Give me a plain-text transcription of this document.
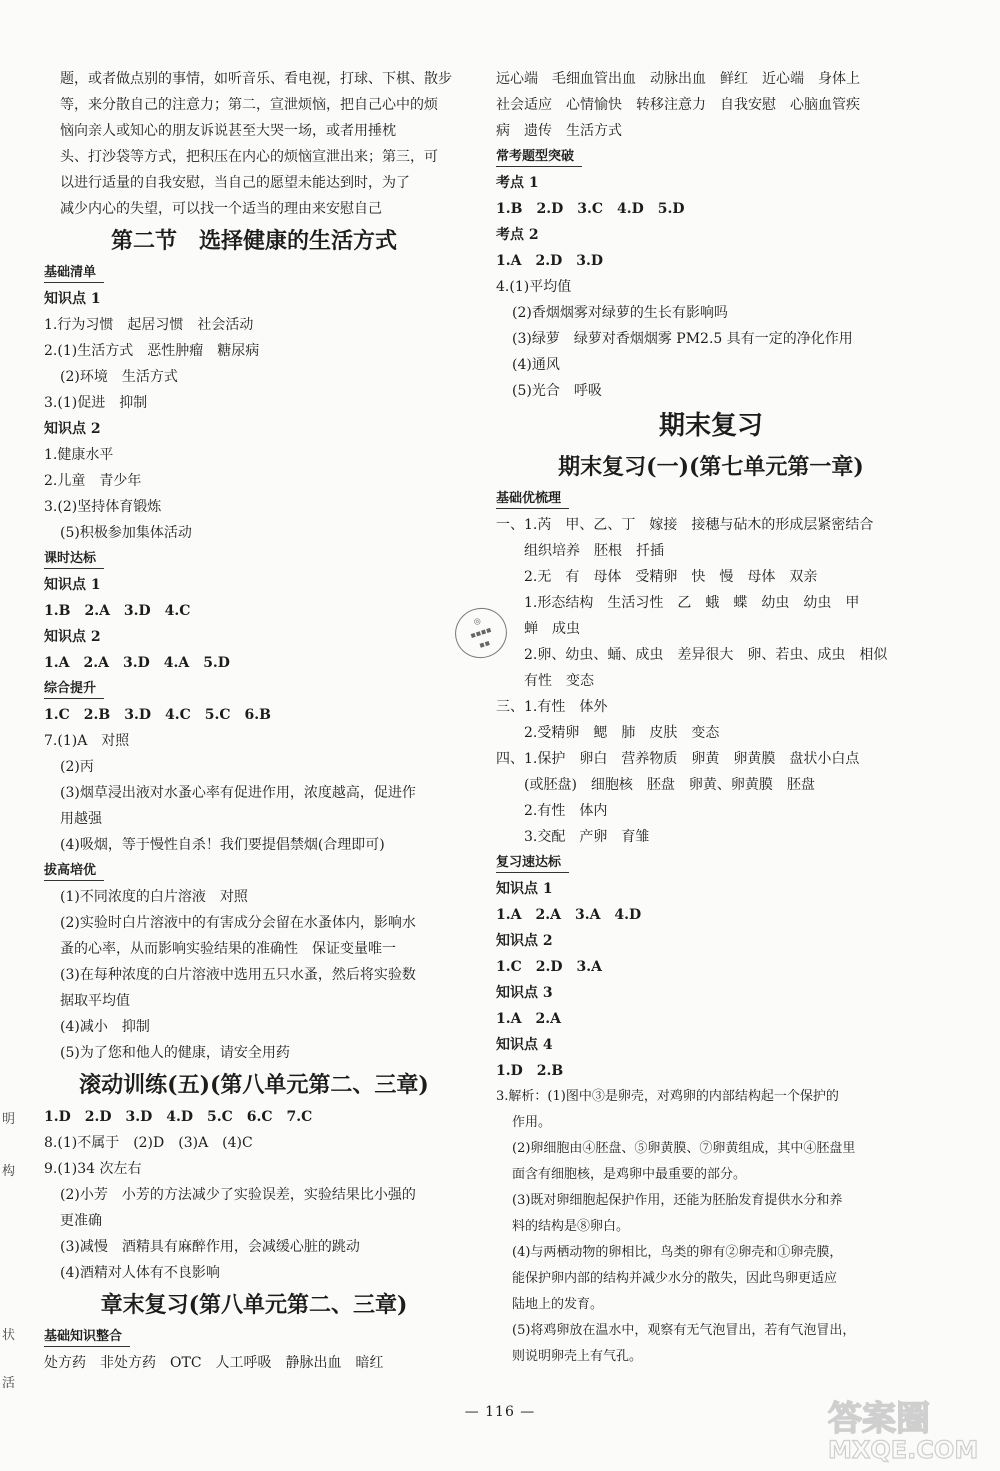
题，或者做点别的事情，如听音乐、看电视，打球、下棋、散步
等，来分散自己的注意力；第二，宣泄烦恼，把自己心中的烦
恼向亲人或知心的朋友诉说甚至大哭一场，或者用捶枕
头、打沙袋等方式，把积压在内心的烦恼宣泄出来；第三，可
以进行适量的自我安慰，当自己的愿望未能达到时，为了
减少内心的失望，可以找一个适当的理由来安慰自己
第二节　选择健康的生活方式
基础清单
知识点 1
1.行为习惯　起居习惯　社会活动
2.(1)生活方式　恶性肿瘤　糖尿病
(2)环境　生活方式
3.(1)促进　抑制
知识点 2
1.健康水平
2.儿童　青少年
3.(2)坚持体育锻炼
(5)积极参加集体活动
课时达标
知识点 1
1.B　2.A　3.D　4.C
知识点 2
1.A　2.A　3.D　4.A　5.D
综合提升
1.C　2.B　3.D　4.C　5.C　6.B
7.(1)A　对照
(2)丙
(3)烟草浸出液对水蚤心率有促进作用，浓度越高，促进作
用越强
(4)吸烟，等于慢性自杀！我们要提倡禁烟(合理即可)
拔高培优
(1)不同浓度的白片溶液　对照
(2)实验时白片溶液中的有害成分会留在水蚤体内，影响水
蚤的心率，从而影响实验结果的准确性　保证变量唯一
(3)在每种浓度的白片溶液中选用五只水蚤，然后将实验数
据取平均值
(4)减小　抑制
(5)为了您和他人的健康，请安全用药
滚动训练(五)(第八单元第二、三章)
1.D　2.D　3.D　4.D　5.C　6.C　7.C
8.(1)不属于　(2)D　(3)A　(4)C
9.(1)34 次左右
(2)小芳　小芳的方法减少了实验误差，实验结果比小强的
更准确
(3)减慢　酒精具有麻醉作用，会减缓心脏的跳动
(4)酒精对人体有不良影响
章末复习(第八单元第二、三章)
基础知识整合
处方药　非处方药　OTC　人工呼吸　静脉出血　暗红
远心端　毛细血管出血　动脉出血　鲜红　近心端　身体上
社会适应　心情愉快　转移注意力　自我安慰　心脑血管疾
病　遗传　生活方式
常考题型突破
考点 1
1.B　2.D　3.C　4.D　5.D
考点 2
1.A　2.D　3.D
4.(1)平均值
(2)香烟烟雾对绿萝的生长有影响吗
(3)绿萝　绿萝对香烟烟雾 PM2.5 具有一定的净化作用
(4)通风
(5)光合　呼吸
期末复习
期末复习(一)(第七单元第一章)
基础优梳理
一、1.芮　甲、乙、丁　嫁接　接穗与砧木的形成层紧密结合
组织培养　胚根　扦插
2.无　有　母体　受精卵　快　慢　母体　双亲
1.形态结构　生活习性　乙　蛾　蝶　幼虫　幼虫　甲
蝉　成虫
2.卵、幼虫、蛹、成虫　差异很大　卵、若虫、成虫　相似
有性　变态
三、1.有性　体外
2.受精卵　鳃　肺　皮肤　变态
四、1.保护　卵白　营养物质　卵黄　卵黄膜　盘状小白点
(或胚盘)　细胞核　胚盘　卵黄、卵黄膜　胚盘
2.有性　体内
3.交配　产卵　育雏
复习速达标
知识点 1
1.A　2.A　3.A　4.D
知识点 2
1.C　2.D　3.A
知识点 3
1.A　2.A
知识点 4
1.D　2.B
3.解析：(1)图中③是卵壳，对鸡卵的内部结构起一个保护的
作用。
(2)卵细胞由④胚盘、⑤卵黄膜、⑦卵黄组成，其中④胚盘里
面含有细胞核，是鸡卵中最重要的部分。
(3)既对卵细胞起保护作用，还能为胚胎发育提供水分和养
料的结构是⑧卵白。
(4)与两栖动物的卵相比，鸟类的卵有②卵壳和①卵壳膜，
能保护卵内部的结构并减少水分的散失，因此鸟卵更适应
陆地上的发育。
(5)将鸡卵放在温水中，观察有无气泡冒出，若有气泡冒出，
则说明卵壳上有气孔。
明
构
状
活
◎
▪▪▪▪
▪▪
— 116 —	答案圈
MXQE.COM
